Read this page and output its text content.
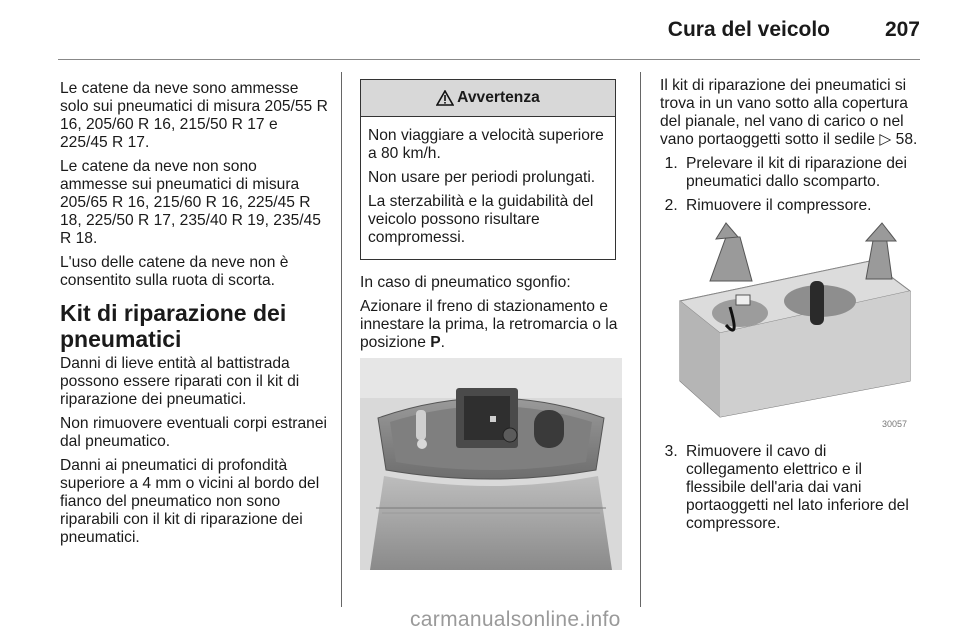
Cura del veicolo	207

Le catene da neve sono ammesse solo sui pneumatici di misura 205/55 R 16, 205/60 R 16, 215/50 R 17 e 225/45 R 17.

Le catene da neve non sono ammesse sui pneumatici di misura 205/65 R 16, 215/60 R 16, 225/45 R 18, 225/50 R 17, 235/40 R 19, 235/45 R 18.

L'uso delle catene da neve non è consentito sulla ruota di scorta.

Kit di riparazione dei pneumatici

Danni di lieve entità al battistrada possono essere riparati con il kit di riparazione dei pneumatici.

Non rimuovere eventuali corpi estranei dal pneumatico.

Danni ai pneumatici di profondità superiore a 4 mm o vicini al bordo del fianco del pneumatico non sono riparabili con il kit di riparazione dei pneumatici.

Avvertenza

Non viaggiare a velocità superiore a 80 km/h.

Non usare per periodi prolungati.

La sterzabilità e la guidabilità del veicolo possono risultare compromessi.

In caso di pneumatico sgonfio:

Azionare il freno di stazionamento e innestare la prima, la retromarcia o la posizione P.

Il kit di riparazione dei pneumatici si trova in un vano sotto alla copertura del pianale, nel vano di carico o nel vano portaoggetti sotto il sedile ▷ 58.

1. Prelevare il kit di riparazione dei pneumatici dallo scomparto.
2. Rimuovere il compressore.
30057
3. Rimuovere il cavo di collegamento elettrico e il flessibile dell'aria dai vani portaoggetti nel lato inferiore del compressore.
carmanualsonline.info
